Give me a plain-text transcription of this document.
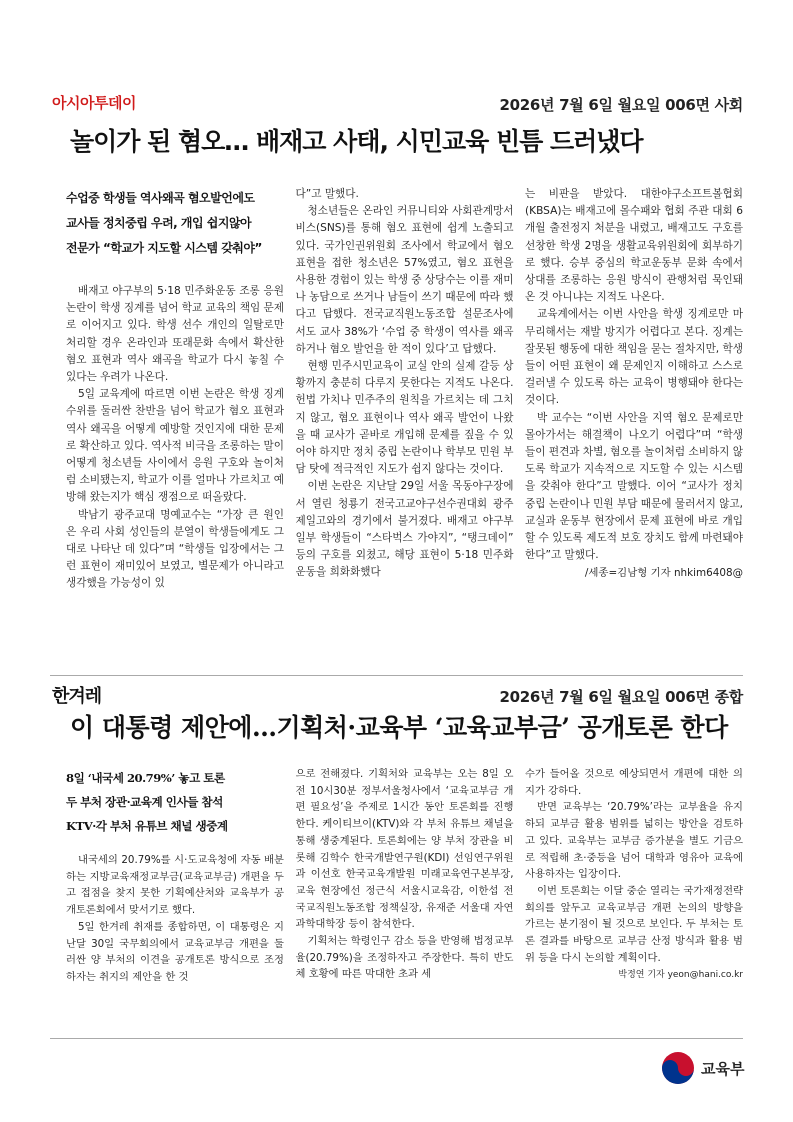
아시아투데이	2026년 7월 6일 월요일 006면 사회
놀이가 된 혐오… 배재고 사태, 시민교육 빈틈 드러냈다
수업중 학생들 역사왜곡 혐오발언에도
교사들 정치중립 우려, 개입 쉽지않아
전문가 “학교가 지도할 시스템 갖춰야”

배재고 야구부의 5·18 민주화운동 조롱 응원 논란이 학생 징계를 넘어 학교 교육의 책임 문제로 이어지고 있다. 학생 선수 개인의 일탈로만 처리할 경우 온라인과 또래문화 속에서 확산한 혐오 표현과 역사 왜곡을 학교가 다시 놓칠 수 있다는 우려가 나온다.

5일 교육계에 따르면 이번 논란은 학생 징계 수위를 둘러싼 찬반을 넘어 학교가 혐오 표현과 역사 왜곡을 어떻게 예방할 것인지에 대한 문제로 확산하고 있다. 역사적 비극을 조롱하는 말이 어떻게 청소년들 사이에서 응원 구호와 놀이처럼 소비됐는지, 학교가 이를 얼마나 가르치고 예방해 왔는지가 핵심 쟁점으로 떠올랐다.

박남기 광주교대 명예교수는 “가장 큰 원인은 우리 사회 성인들의 분열이 학생들에게도 그대로 나타난 데 있다”며 “학생들 입장에서는 그런 표현이 재미있어 보였고, 별문제가 아니라고 생각했을 가능성이 있

다”고 말했다.

청소년들은 온라인 커뮤니티와 사회관계망서비스(SNS)를 통해 혐오 표현에 쉽게 노출되고 있다. 국가인권위원회 조사에서 학교에서 혐오 표현을 접한 청소년은 57%였고, 혐오 표현을 사용한 경험이 있는 학생 중 상당수는 이를 재미나 농담으로 쓰거나 남들이 쓰기 때문에 따라 했다고 답했다. 전국교직원노동조합 설문조사에서도 교사 38%가 ‘수업 중 학생이 역사를 왜곡하거나 혐오 발언을 한 적이 있다’고 답했다.

현행 민주시민교육이 교실 안의 실제 갈등 상황까지 충분히 다루지 못한다는 지적도 나온다. 헌법 가치나 민주주의 원칙을 가르치는 데 그치지 않고, 혐오 표현이나 역사 왜곡 발언이 나왔을 때 교사가 곧바로 개입해 문제를 짚을 수 있어야 하지만 정치 중립 논란이나 학부모 민원 부담 탓에 적극적인 지도가 쉽지 않다는 것이다.

이번 논란은 지난달 29일 서울 목동야구장에서 열린 청룡기 전국고교야구선수권대회 광주제일고와의 경기에서 불거졌다. 배재고 야구부 일부 학생들이 “스타벅스 가야지”, “탱크데이” 등의 구호를 외쳤고, 해당 표현이 5·18 민주화운동을 희화화했다

는 비판을 받았다. 대한야구소프트볼협회(KBSA)는 배재고에 몰수패와 협회 주관 대회 6개월 출전정지 처분을 내렸고, 배재고도 구호를 선창한 학생 2명을 생활교육위원회에 회부하기로 했다. 승부 중심의 학교운동부 문화 속에서 상대를 조롱하는 응원 방식이 관행처럼 묵인돼 온 것 아니냐는 지적도 나온다.

교육계에서는 이번 사안을 학생 징계로만 마무리해서는 재발 방지가 어렵다고 본다. 징계는 잘못된 행동에 대한 책임을 묻는 절차지만, 학생들이 어떤 표현이 왜 문제인지 이해하고 스스로 걸러낼 수 있도록 하는 교육이 병행돼야 한다는 것이다.

박 교수는 “이번 사안을 지역 혐오 문제로만 몰아가서는 해결책이 나오기 어렵다”며 “학생들이 편견과 차별, 혐오를 놀이처럼 소비하지 않도록 학교가 지속적으로 지도할 수 있는 시스템을 갖춰야 한다”고 말했다. 이어 “교사가 정치 중립 논란이나 민원 부담 때문에 물러서지 않고, 교실과 운동부 현장에서 문제 표현에 바로 개입할 수 있도록 제도적 보호 장치도 함께 마련돼야 한다”고 말했다.

/세종=김남형 기자 nhkim6408@
한겨레	2026년 7월 6일 월요일 006면 종합
이 대통령 제안에…기획처·교육부 ‘교육교부금’ 공개토론 한다
8일 ‘내국세 20.79%’ 놓고 토론
두 부처 장관·교육계 인사들 참석
KTV·각 부처 유튜브 채널 생중계

내국세의 20.79%를 시·도교육청에 자동 배분하는 지방교육재정교부금(교육교부금) 개편을 두고 접점을 찾지 못한 기획예산처와 교육부가 공개토론회에서 맞서기로 했다.

5일 한겨레 취재를 종합하면, 이 대통령은 지난달 30일 국무회의에서 교육교부금 개편을 둘러싼 양 부처의 이견을 공개토론 방식으로 조정하자는 취지의 제안을 한 것

으로 전해졌다. 기획처와 교육부는 오는 8일 오전 10시30분 정부서울청사에서 ‘교육교부금 개편 필요성’을 주제로 1시간 동안 토론회를 진행한다. 케이티브이(KTV)와 각 부처 유튜브 채널을 통해 생중계된다. 토론회에는 양 부처 장관을 비롯해 김학수 한국개발연구원(KDI) 선임연구위원과 이선호 한국교육개발원 미래교육연구본부장, 교육 현장에선 정근식 서울시교육감, 이한섭 전국교직원노동조합 정책실장, 유재준 서울대 자연과학대학장 등이 참석한다.

기획처는 학령인구 감소 등을 반영해 법정교부율(20.79%)을 조정하자고 주장한다. 특히 반도체 호황에 따른 막대한 초과 세

수가 들어올 것으로 예상되면서 개편에 대한 의지가 강하다.

반면 교육부는 ‘20.79%’라는 교부율을 유지하되 교부금 활용 범위를 넓히는 방안을 검토하고 있다. 교육부는 교부금 증가분을 별도 기금으로 적립해 초·중등을 넘어 대학과 영유아 교육에 사용하자는 입장이다.

이번 토론회는 이달 중순 열리는 국가재정전략회의를 앞두고 교육교부금 개편 논의의 방향을 가르는 분기점이 될 것으로 보인다. 두 부처는 토론 결과를 바탕으로 교부금 산정 방식과 활용 범위 등을 다시 논의할 계획이다.

박정연 기자 yeon@hani.co.kr
교육부
